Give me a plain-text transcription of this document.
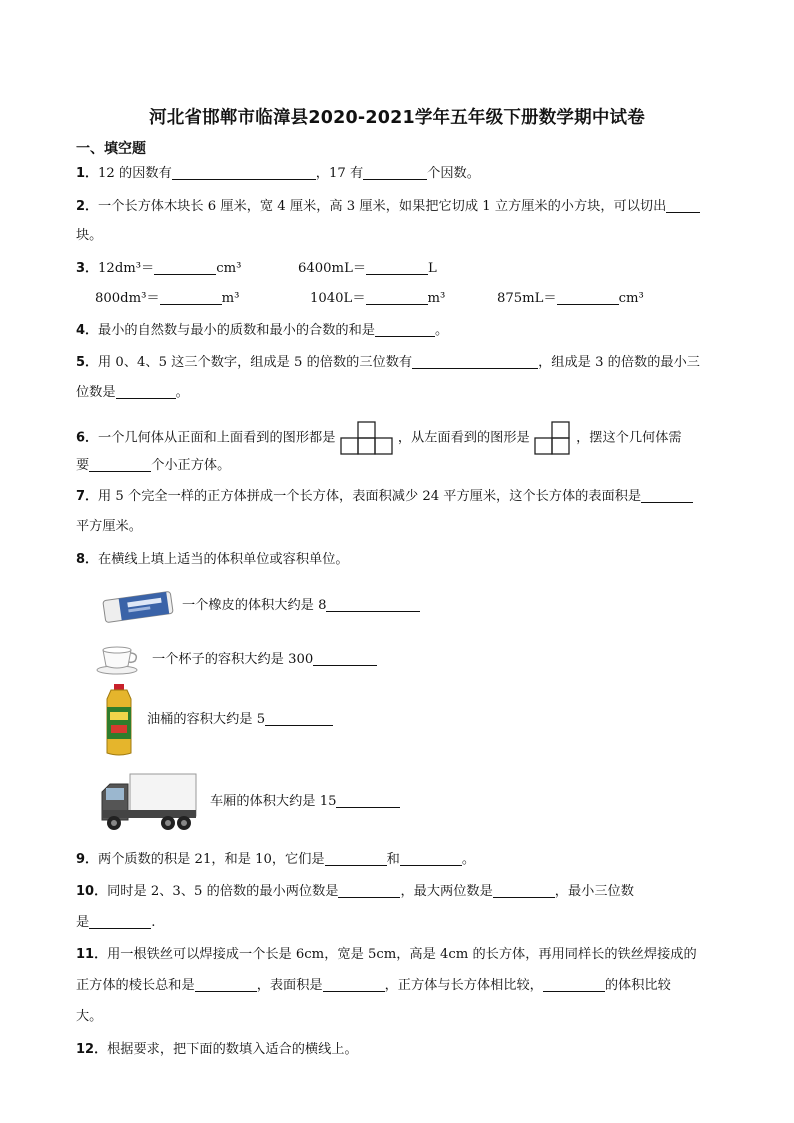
河北省邯郸市临漳县2020-2021学年五年级下册数学期中试卷
一、填空题
1．12 的因数有	，17 有	个因数。
2．一个长方体木块长 6 厘米，宽 4 厘米，高 3 厘米，如果把它切成 1 立方厘米的小方块，可以切出
块。
3．12dm³＝	cm³	6400mL＝	L
800dm³＝	m³	1040L＝	m³	875mL＝	cm³
4．最小的自然数与最小的质数和最小的合数的和是	。
5．用 0、4、5 这三个数字，组成是 5 的倍数的三位数有	，组成是 3 的倍数的最小三
位数是	。
6．一个几何体从正面和上面看到的图形都是	，从左面看到的图形是	，摆这个几何体需
要	个小正方体。
7．用 5 个完全一样的正方体拼成一个长方体，表面积减少 24 平方厘米，这个长方体的表面积是
平方厘米。
8．在横线上填上适当的体积单位或容积单位。
一个橡皮的体积大约是 8
一个杯子的容积大约是 300
油桶的容积大约是 5
车厢的体积大约是 15
9．两个质数的积是 21，和是 10，它们是	和	。
10．同时是 2、3、5 的倍数的最小两位数是	，最大两位数是	，最小三位数
是	.
11．用一根铁丝可以焊接成一个长是 6cm，宽是 5cm，高是 4cm 的长方体，再用同样长的铁丝焊接成的
正方体的棱长总和是	，表面积是	，正方体与长方体相比较，	的体积比较
大。
12．根据要求，把下面的数填入适合的横线上。
